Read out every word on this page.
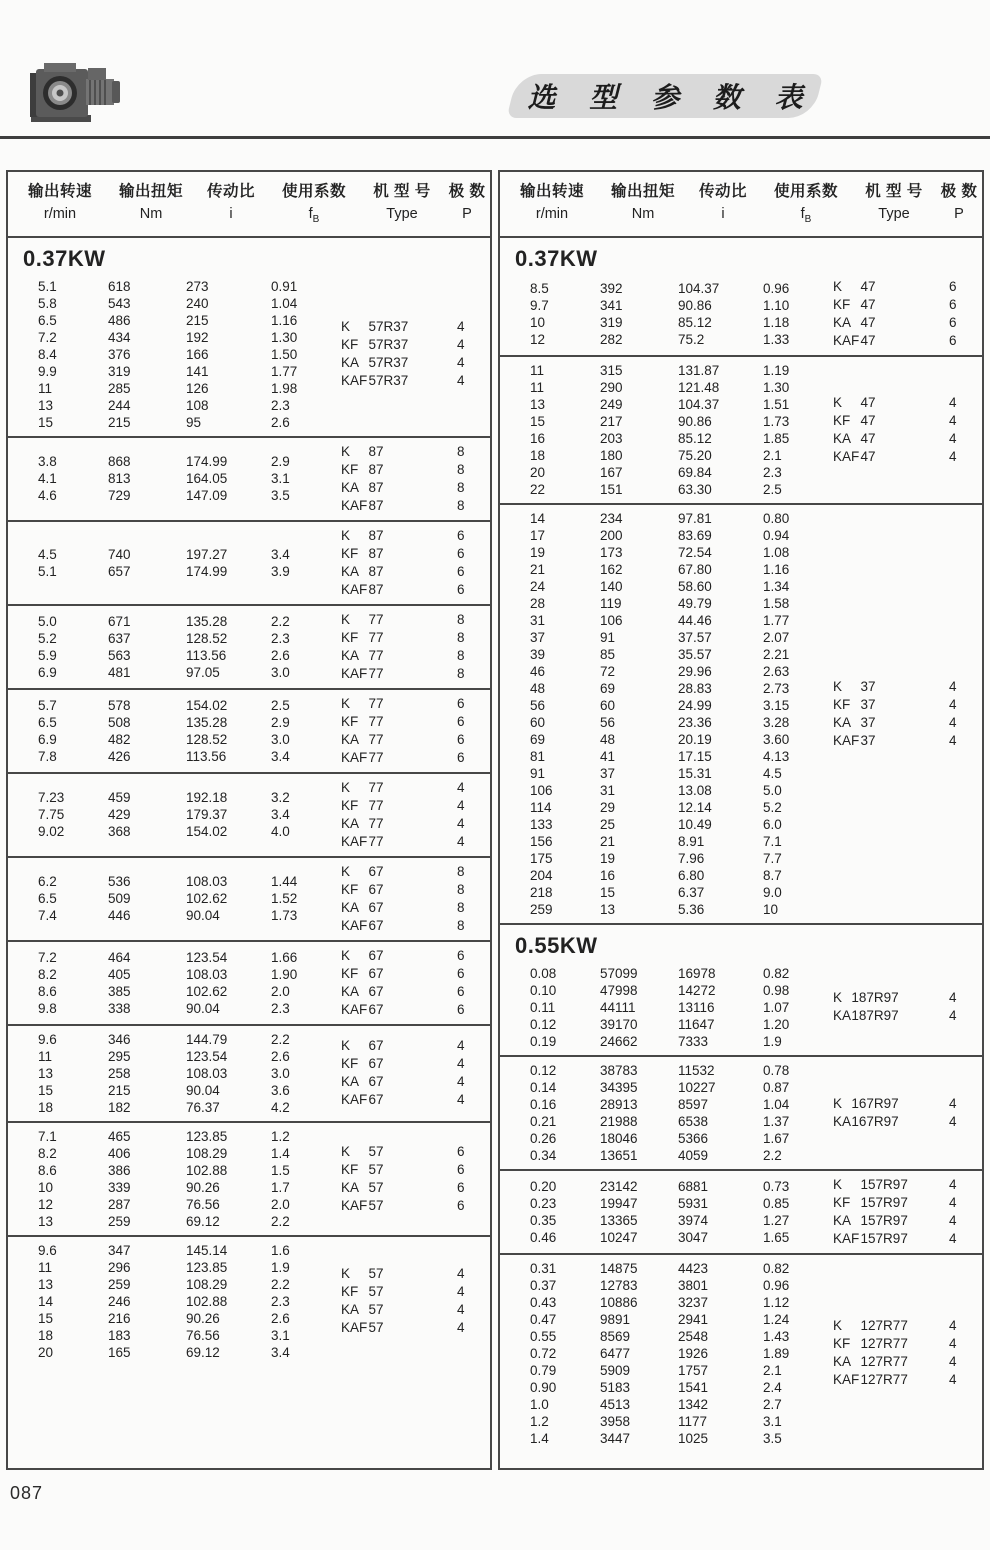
选 型 参 数 表
输出转速	输出扭矩	传动比	使用系数	机 型 号	极 数
r/min	Nm	i	$f_B$	Type	P
0.37KW
5.1	618	273	0.91
5.8	543	240	1.04
6.5	486	215	1.16
7.2	434	192	1.30
8.4	376	166	1.50
9.9	319	141	1.77
11	285	126	1.98
13	244	108	2.3
15	215	95	2.6
K	57R37	4
KF 57R37	4
KA 57R37	4
KAF 57R37	4
3.8	868	174.99	2.9
4.1	813	164.05	3.1
4.6	729	147.09	3.5
K	87	8
KF 87	8
KA 87	8
KAF 87	8
4.5	740	197.27	3.4
5.1	657	174.99	3.9
K	87	6
KF 87	6
KA 87	6
KAF 87	6
5.0	671	135.28	2.2
5.2	637	128.52	2.3
5.9	563	113.56	2.6
6.9	481	97.05	3.0
K	77	8
KF 77	8
KA 77	8
KAF 77	8
5.7	578	154.02	2.5
6.5	508	135.28	2.9
6.9	482	128.52	3.0
7.8	426	113.56	3.4
K	77	6
KF 77	6
KA 77	6
KAF 77	6
7.23	459	192.18	3.2
7.75	429	179.37	3.4
9.02	368	154.02	4.0
K	77	4
KF 77	4
KA 77	4
KAF 77	4
6.2	536	108.03	1.44
6.5	509	102.62	1.52
7.4	446	90.04	1.73
K	67	8
KF 67	8
KA 67	8
KAF 67	8
7.2	464	123.54	1.66
8.2	405	108.03	1.90
8.6	385	102.62	2.0
9.8	338	90.04	2.3
K	67	6
KF 67	6
KA 67	6
KAF 67	6
9.6	346	144.79	2.2
11	295	123.54	2.6
13	258	108.03	3.0
15	215	90.04	3.6
18	182	76.37	4.2
K	67	4
KF 67	4
KA 67	4
KAF 67	4
7.1	465	123.85	1.2
8.2	406	108.29	1.4
8.6	386	102.88	1.5
10	339	90.26	1.7
12	287	76.56	2.0
13	259	69.12	2.2
K	57	6
KF 57	6
KA 57	6
KAF 57	6
9.6	347	145.14	1.6
11	296	123.85	1.9
13	259	108.29	2.2
14	246	102.88	2.3
15	216	90.26	2.6
18	183	76.56	3.1
20	165	69.12	3.4
K	57	4
KF 57	4
KA 57	4
KAF 57	4
输出转速	输出扭矩	传动比	使用系数	机 型 号	极 数
r/min	Nm	i	$f_B$	Type	P
0.37KW
8.5	392	104.37	0.96
9.7	341	90.86	1.10
10	319	85.12	1.18
12	282	75.2	1.33
K	47	6
KF 47	6
KA 47	6
KAF 47	6
11	315	131.87	1.19
11	290	121.48	1.30
13	249	104.37	1.51
15	217	90.86	1.73
16	203	85.12	1.85
18	180	75.20	2.1
20	167	69.84	2.3
22	151	63.30	2.5
K	47	4
KF 47	4
KA 47	4
KAF 47	4
14	234	97.81	0.80
17	200	83.69	0.94
19	173	72.54	1.08
21	162	67.80	1.16
24	140	58.60	1.34
28	119	49.79	1.58
31	106	44.46	1.77
37	91	37.57	2.07
39	85	35.57	2.21
46	72	29.96	2.63
48	69	28.83	2.73
56	60	24.99	3.15
60	56	23.36	3.28
69	48	20.19	3.60
81	41	17.15	4.13
91	37	15.31	4.5
106	31	13.08	5.0
114	29	12.14	5.2
133	25	10.49	6.0
156	21	8.91	7.1
175	19	7.96	7.7
204	16	6.80	8.7
218	15	6.37	9.0
259	13	5.36	10
K	37	4
KF 37	4
KA 37	4
KAF 37	4
0.55KW
0.08	57099	16978	0.82
0.10	47998	14272	0.98
0.11	44111	13116	1.07
0.12	39170	11647	1.20
0.19	24662	7333	1.9
K 187R97	4
KA 187R97	4
0.12	38783	11532	0.78
0.14	34395	10227	0.87
0.16	28913	8597	1.04
0.21	21988	6538	1.37
0.26	18046	5366	1.67
0.34	13651	4059	2.2
K 167R97	4
KA 167R97	4
0.20	23142	6881	0.73
0.23	19947	5931	0.85
0.35	13365	3974	1.27
0.46	10247	3047	1.65
K	157R97	4
KF 157R97	4
KA 157R97	4
KAF 157R97	4
0.31	14875	4423	0.82
0.37	12783	3801	0.96
0.43	10886	3237	1.12
0.47	9891	2941	1.24
0.55	8569	2548	1.43
0.72	6477	1926	1.89
0.79	5909	1757	2.1
0.90	5183	1541	2.4
1.0	4513	1342	2.7
1.2	3958	1177	3.1
1.4	3447	1025	3.5
K	127R77	4
KF 127R77	4
KA 127R77	4
KAF 127R77	4
087
